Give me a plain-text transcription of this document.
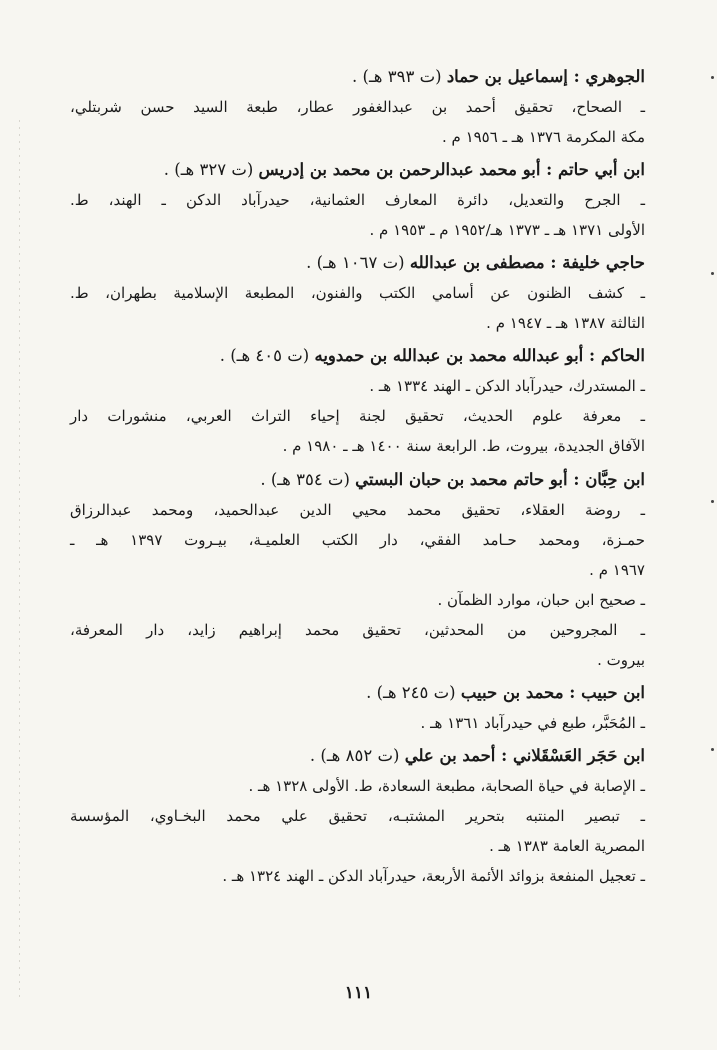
الجوهري : إسماعيل بن حماد (ت ٣٩٣ هـ) .
ـ الصحاح، تحقيق أحمد بن عبدالغفور عطار، طبعة السيد حسن شربتلي،
مكة المكرمة ١٣٧٦ هـ ـ ١٩٥٦ م .
ابن أبي حاتم : أبو محمد عبدالرحمن بن محمد بن إدريس (ت ٣٢٧ هـ) .
ـ الجرح والتعديل، دائرة المعارف العثمانية، حيدرآباد الدكن ـ الهند، ط.
الأولى ١٣٧١ هـ ـ ١٣٧٣ هـ/١٩٥٢ م ـ ١٩٥٣ م .
حاجي خليفة : مصطفى بن عبدالله (ت ١٠٦٧ هـ) .
ـ كشف الظنون عن أسامي الكتب والفنون، المطبعة الإسلامية بطهران، ط.
الثالثة ١٣٨٧ هـ ـ ١٩٤٧ م .
الحاكم : أبو عبدالله محمد بن عبدالله بن حمدويه (ت ٤٠٥ هـ) .
ـ المستدرك، حيدرآباد الدكن ـ الهند ١٣٣٤ هـ .
ـ معرفة علوم الحديث، تحقيق لجنة إحياء التراث العربي، منشورات دار
الآفاق الجديدة، بيروت، ط. الرابعة سنة ١٤٠٠ هـ ـ ١٩٨٠ م .
ابن حِبَّان : أبو حاتم محمد بن حبان البستي (ت ٣٥٤ هـ) .
ـ روضة العقلاء، تحقيق محمد محيي الدين عبدالحميد، ومحمد عبدالرزاق
حمـزة، ومحمد حـامد الفقي، دار الكتب العلميـة، بيـروت ١٣٩٧ هـ ـ
١٩٦٧ م .
ـ صحيح ابن حبان، موارد الظمآن .
ـ المجروحين من المحدثين، تحقيق محمد إبراهيم زايد، دار المعرفة،
بيروت .
ابن حبيب : محمد بن حبيب (ت ٢٤٥ هـ) .
ـ المُحَبَّر، طبع في حيدرآباد ١٣٦١ هـ .
ابن حَجَر العَسْقَلاني : أحمد بن علي (ت ٨٥٢ هـ) .
ـ الإصابة في حياة الصحابة، مطبعة السعادة، ط. الأولى ١٣٢٨ هـ .
ـ تبصير المنتبه بتحرير المشتبـه، تحقيق علي محمد البخـاوي، المؤسسة
المصرية العامة ١٣٨٣ هـ .
ـ تعجيل المنفعة بزوائد الأئمة الأربعة، حيدرآباد الدكن ـ الهند ١٣٢٤ هـ .
١١١
